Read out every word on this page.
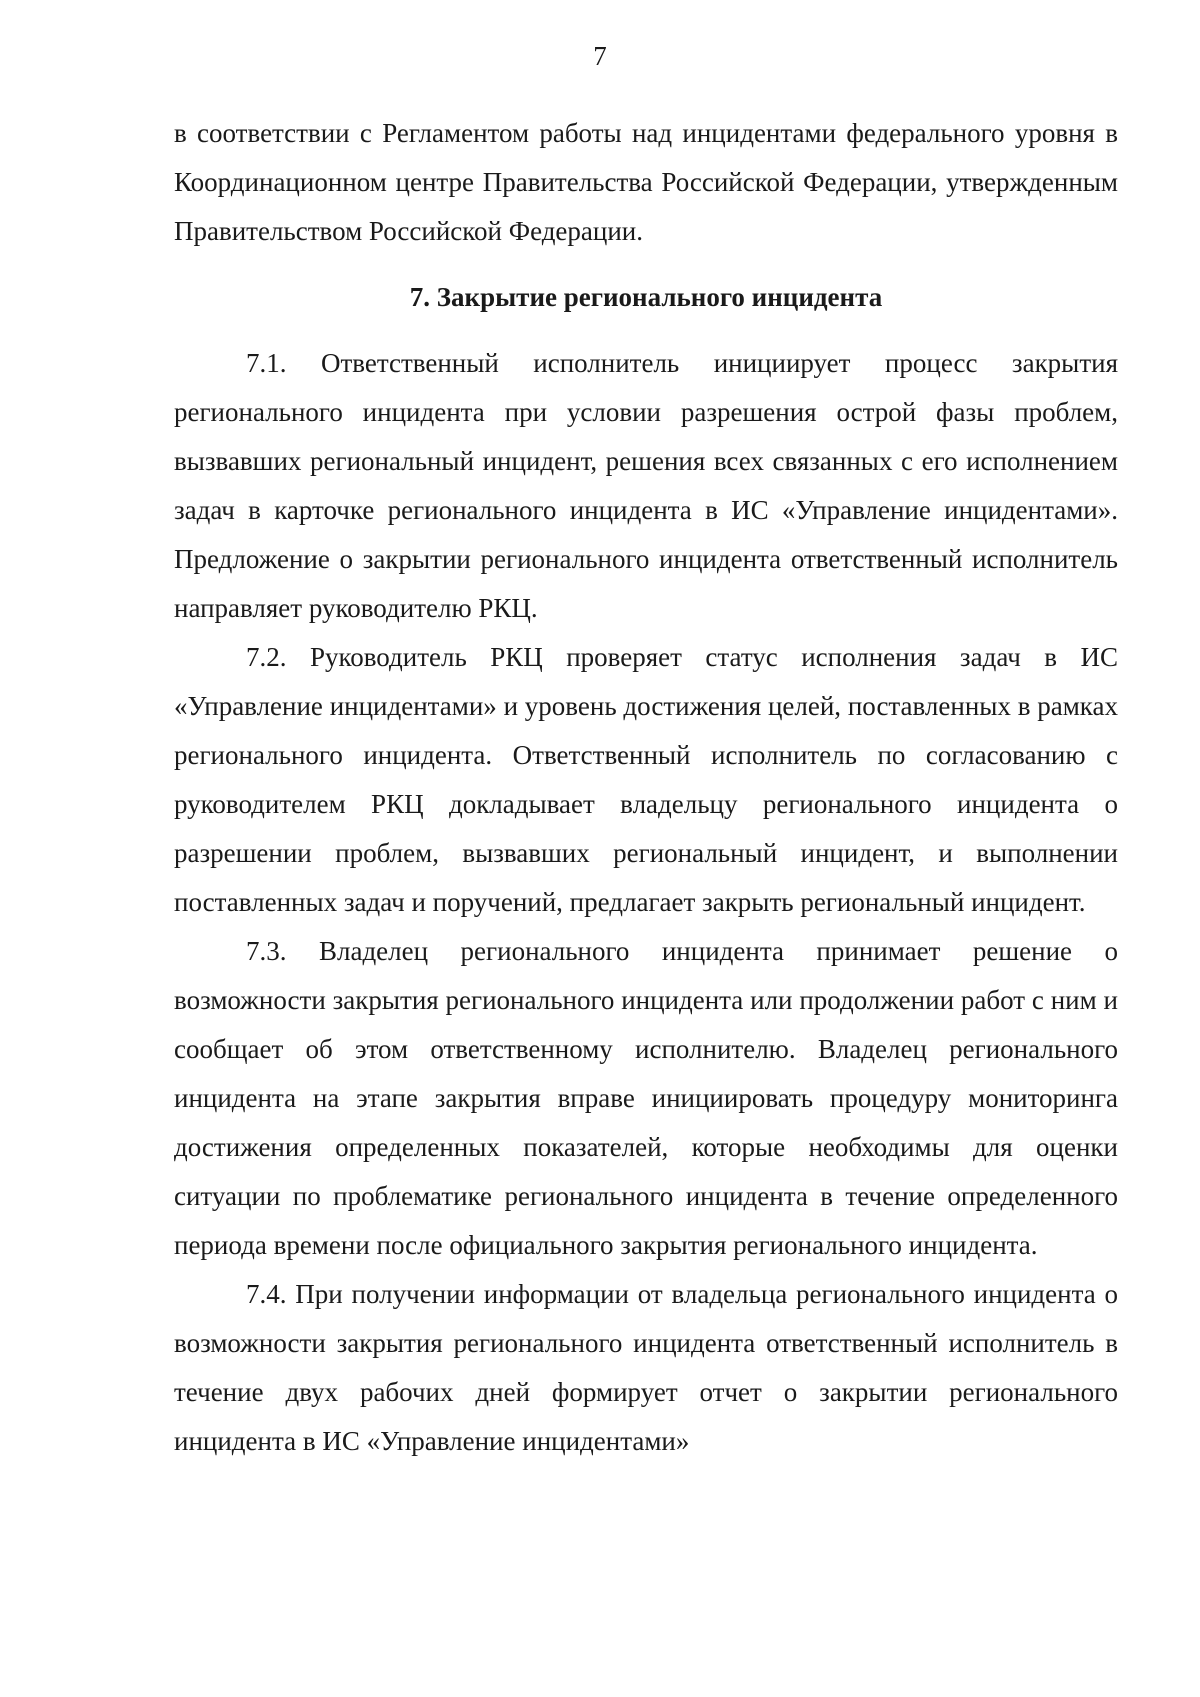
7

в соответствии с Регламентом работы над инцидентами федерального уровня в Координационном центре Правительства Российской Федерации, утвержденным Правительством Российской Федерации.

7. Закрытие регионального инцидента

7.1. Ответственный исполнитель инициирует процесс закрытия регионального инцидента при условии разрешения острой фазы проблем, вызвавших региональный инцидент, решения всех связанных с его исполнением задач в карточке регионального инцидента в ИС «Управление инцидентами». Предложение о закрытии регионального инцидента ответственный исполнитель направляет руководителю РКЦ.

7.2. Руководитель РКЦ проверяет статус исполнения задач в ИС «Управление инцидентами» и уровень достижения целей, поставленных в рамках регионального инцидента. Ответственный исполнитель по согласованию с руководителем РКЦ докладывает владельцу регионального инцидента о разрешении проблем, вызвавших региональный инцидент, и выполнении поставленных задач и поручений, предлагает закрыть региональный инцидент.

7.3. Владелец регионального инцидента принимает решение о возможности закрытия регионального инцидента или продолжении работ с ним и сообщает об этом ответственному исполнителю. Владелец регионального инцидента на этапе закрытия вправе инициировать процедуру мониторинга достижения определенных показателей, которые необходимы для оценки ситуации по проблематике регионального инцидента в течение определенного периода времени после официального закрытия регионального инцидента.

7.4. При получении информации от владельца регионального инцидента о возможности закрытия регионального инцидента ответственный исполнитель в течение двух рабочих дней формирует отчет о закрытии регионального инцидента в ИС «Управление инцидентами»
